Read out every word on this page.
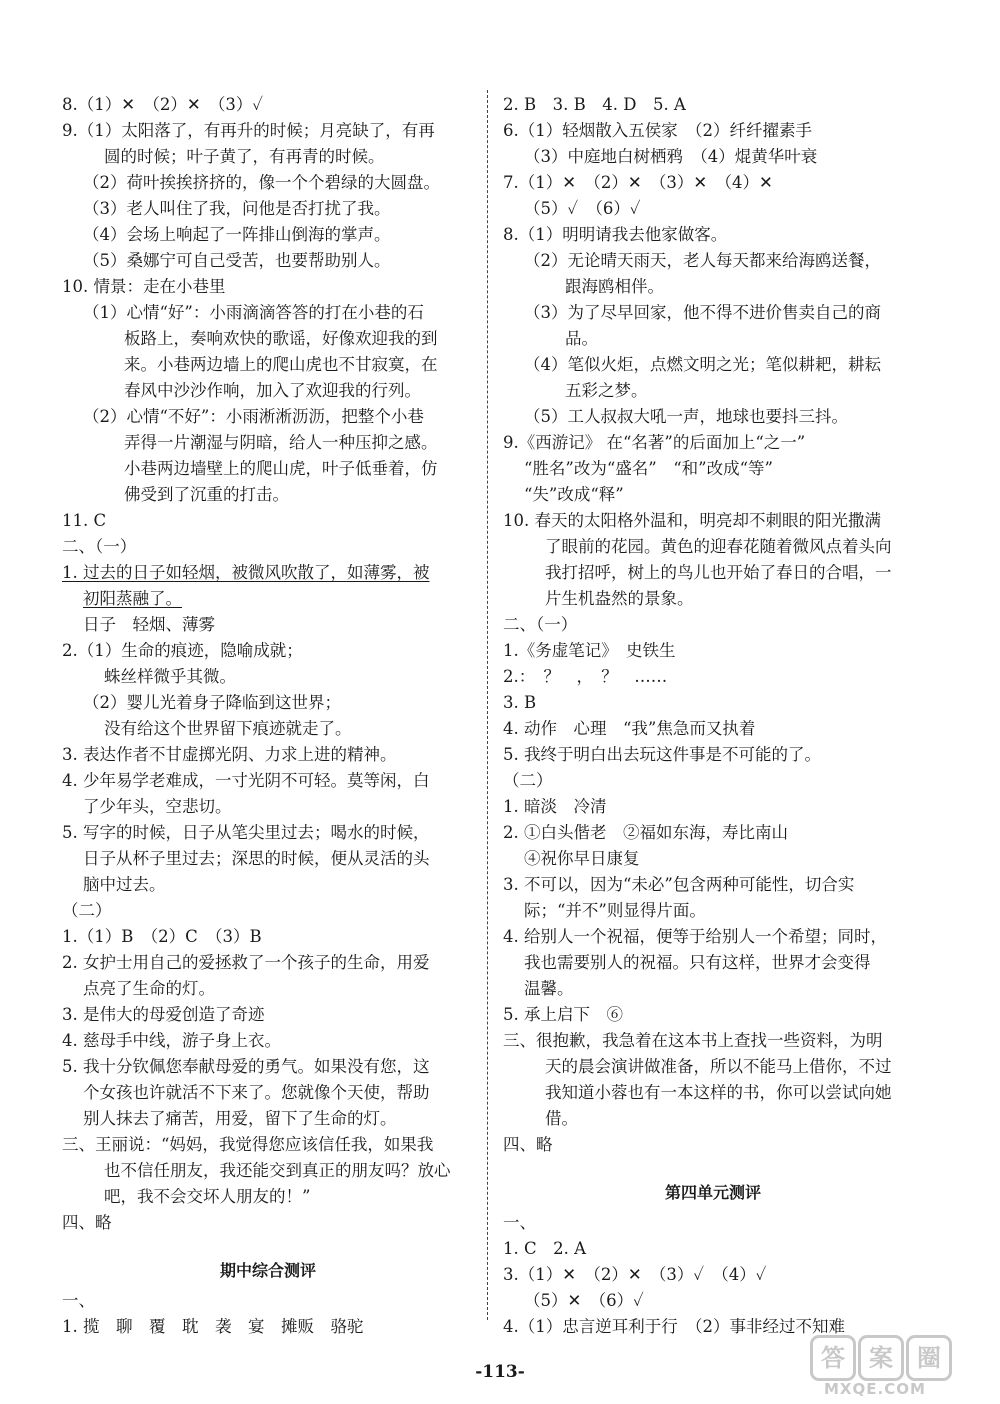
8.（1）✕　（2）✕　（3）✓
9.（1）太阳落了，有再升的时候；月亮缺了，有再
圆的时候；叶子黄了，有再青的时候。
（2）荷叶挨挨挤挤的，像一个个碧绿的大圆盘。
（3）老人叫住了我，问他是否打扰了我。
（4）会场上响起了一阵排山倒海的掌声。
（5）桑娜宁可自己受苦，也要帮助别人。
10. 情景：走在小巷里
（1）心情“好”：小雨滴滴答答的打在小巷的石
板路上，奏响欢快的歌谣，好像欢迎我的到
来。小巷两边墙上的爬山虎也不甘寂寞，在
春风中沙沙作响，加入了欢迎我的行列。
（2）心情“不好”：小雨淅淅沥沥，把整个小巷
弄得一片潮湿与阴暗，给人一种压抑之感。
小巷两边墙壁上的爬山虎，叶子低垂着，仿
佛受到了沉重的打击。
11. C
二、（一）
1. 过去的日子如轻烟，被微风吹散了，如薄雾，被
初阳蒸融了。
日子　轻烟、薄雾
2.（1）生命的痕迹，隐喻成就；
蛛丝样微乎其微。
（2）婴儿光着身子降临到这世界；
没有给这个世界留下痕迹就走了。
3. 表达作者不甘虚掷光阴、力求上进的精神。
4. 少年易学老难成，一寸光阴不可轻。莫等闲，白
了少年头，空悲切。
5. 写字的时候，日子从笔尖里过去；喝水的时候，
日子从杯子里过去；深思的时候，便从灵活的头
脑中过去。
（二）
1.（1）B　（2）C　（3）B
2. 女护士用自己的爱拯救了一个孩子的生命，用爱
点亮了生命的灯。
3. 是伟大的母爱创造了奇迹
4. 慈母手中线，游子身上衣。
5. 我十分钦佩您奉献母爱的勇气。如果没有您，这
个女孩也许就活不下来了。您就像个天使，帮助
别人抹去了痛苦，用爱，留下了生命的灯。
三、王丽说：“妈妈，我觉得您应该信任我，如果我
也不信任朋友，我还能交到真正的朋友吗？放心
吧，我不会交坏人朋友的！”
四、略
期中综合测评
一、
1. 揽　聊　覆　耽　袭　宴　摊贩　骆驼
2. B　3. B　4. D　5. A
6.（1）轻烟散入五侯家　（2）纤纤擢素手
（3）中庭地白树栖鸦　（4）焜黄华叶衰
7.（1）✕　（2）✕　（3）✕　（4）✕
（5）✓　（6）✓
8.（1）明明请我去他家做客。
（2）无论晴天雨天，老人每天都来给海鸥送餐，
跟海鸥相伴。
（3）为了尽早回家，他不得不进价售卖自己的商
品。
（4）笔似火炬，点燃文明之光；笔似耕耙，耕耘
五彩之梦。
（5）工人叔叔大吼一声，地球也要抖三抖。
9.《西游记》 在“名著”的后面加上“之一”
“胜名”改为“盛名”　“和”改成“等”
“失”改成“释”
10. 春天的太阳格外温和，明亮却不刺眼的阳光撒满
了眼前的花园。黄色的迎春花随着微风点着头向
我打招呼，树上的鸟儿也开始了春日的合唱，一
片生机盎然的景象。
二、（一）
1.《务虚笔记》　史铁生
2.：　？　，　？　……
3. B
4. 动作　心理　“我”焦急而又执着
5. 我终于明白出去玩这件事是不可能的了。
（二）
1. 暗淡　冷清
2. ①白头偕老　②福如东海，寿比南山
④祝你早日康复
3. 不可以，因为“未必”包含两种可能性，切合实
际；“并不”则显得片面。
4. 给别人一个祝福，便等于给别人一个希望；同时，
我也需要别人的祝福。只有这样，世界才会变得
温馨。
5. 承上启下　⑥
三、很抱歉，我急着在这本书上查找一些资料，为明
天的晨会演讲做准备，所以不能马上借你，不过
我知道小蓉也有一本这样的书，你可以尝试向她
借。
四、略
第四单元测评
一、
1. C　2. A
3.（1）✕　（2）✕　（3）✓　（4）✓
（5）✕　（6）✓
4.（1）忠言逆耳利于行　（2）事非经过不知难
-113-	答	案	圈
MXQE.COM
